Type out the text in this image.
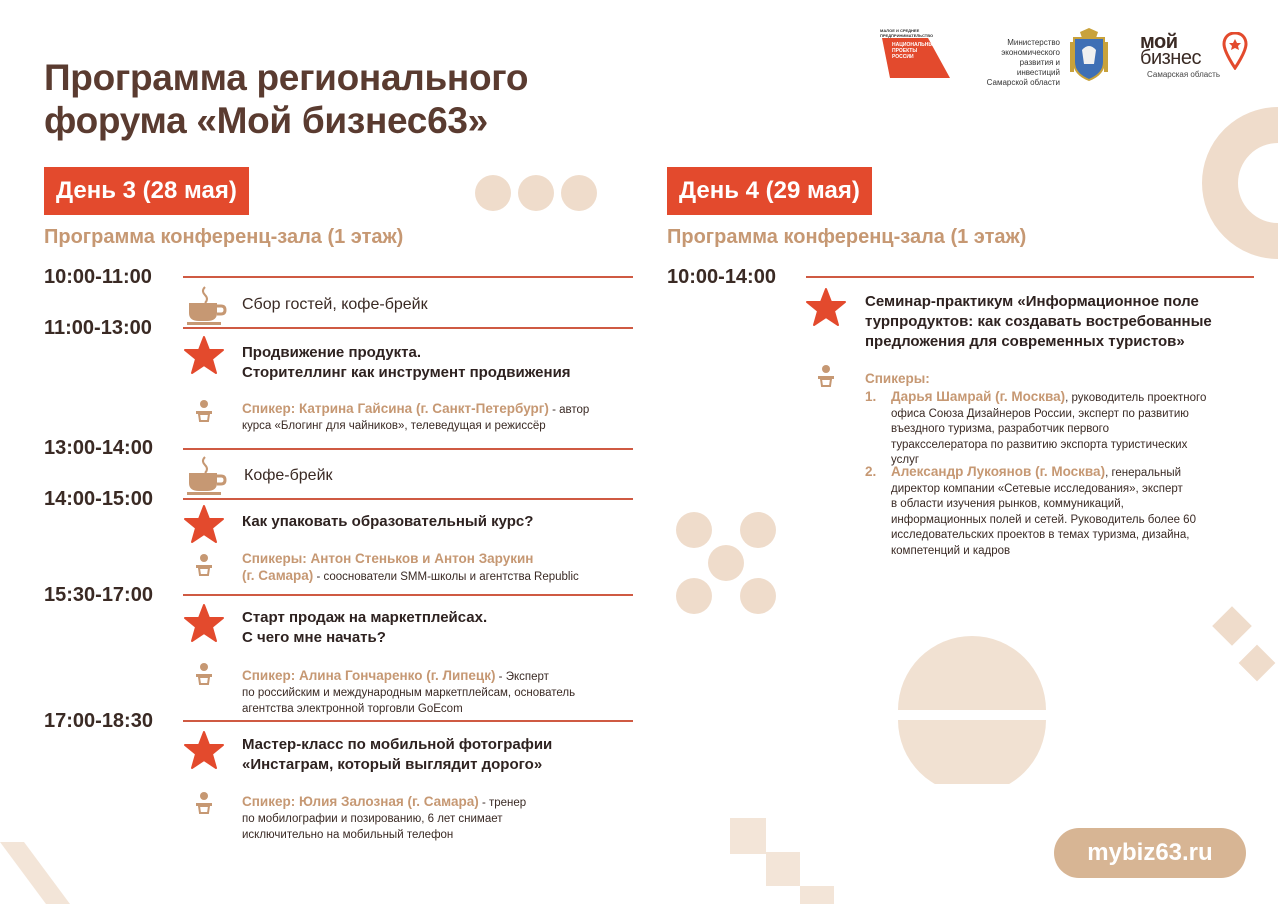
Программа регионального
форума «Мой бизнес63»
МАЛОЕ И СРЕДНЕЕ ПРЕДПРИНИМАТЕЛЬСТВО
НАЦИОНАЛЬНЫЕ ПРОЕКТЫ РОССИИ
Министерство
экономического
развития и инвестиций
Самарской области
мой
бизнес
Самарская область
День 3 (28 мая)
Программа конференц-зала (1 этаж)
10:00-11:00
Сбор гостей, кофе-брейк
11:00-13:00
Продвижение продукта.
Сторителлинг как инструмент продвижения
Спикер: Катрина Гайсина (г. Санкт-Петербург) - автор
курса «Блогинг для чайников», телеведущая и режиссёр
13:00-14:00
Кофе-брейк
14:00-15:00
Как упаковать образовательный курс?
Спикеры: Антон Стеньков и Антон Зарукин
(г. Самара) - сооснователи SMM-школы и агентства Republic
15:30-17:00
Старт продаж на маркетплейсах.
С чего мне начать?
Спикер: Алина Гончаренко (г. Липецк) - Эксперт
по российским и международным маркетплейсам, основатель
агентства электронной торговли GoEcom
17:00-18:30
Мастер-класс по мобильной фотографии
«Инстаграм, который выглядит дорого»
Спикер: Юлия Залозная (г. Самара) - тренер
по мобилографии и позированию, 6 лет снимает
исключительно на мобильный телефон
День 4 (29 мая)
Программа конференц-зала (1 этаж)
10:00-14:00
Семинар-практикум «Информационное поле
турпродуктов: как создавать востребованные
предложения для современных туристов»
Спикеры:
1. Дарья Шамрай (г. Москва), руководитель проектного
офиса Союза Дизайнеров России, эксперт по развитию
въездного туризма, разработчик первого
тураксселератора по развитию экспорта туристических
услуг
2. Александр Лукоянов (г. Москва), генеральный
директор компании «Сетевые исследования», эксперт
в области изучения рынков, коммуникаций,
информационных полей и сетей. Руководитель более 60
исследовательских проектов в темах туризма, дизайна,
компетенций и кадров
mybiz63.ru
